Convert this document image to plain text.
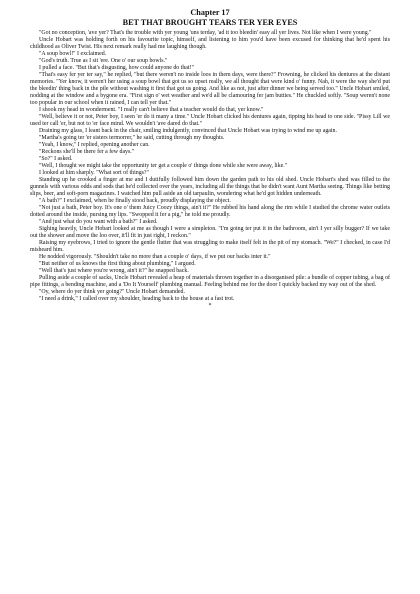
Chapter 17
BET THAT BROUGHT TEARS TER YER EYES

"Got no conception, 'ave yer? That's the trouble with yer young 'uns terday, 'ad it too bleedin' easy all yer lives. Not like when I were young."

Uncle Hobart was holding forth on his favourite topic, himself, and listening to him you'd have been excused for thinking that he'd spent his childhood as Oliver Twist. His next remark really had me laughing though.

"A soup bowl!" I exclaimed.

"God's truth. True as I sit 'ere. One o' our soup bowls."

I pulled a face. "But that's disgusting, how could anyone do that!"

"That's easy fer yer ter say," he replied, "but there weren't no inside loos in them days, were there?" Frowning, he clicked his dentures at the distant memories. "Yer know, it weren't her using a soup bowl that got us so upset really, we all thought that were kind o' funny. Nah, it were the way she'd put the bleedin' thing back in the pile without washing it first that got us going. And like as not, just after dinner we being served too." Uncle Hobart smiled, nodding at the window and a bygone era. "First sign o' wet weather and we'd all be clamouring fer jam butties." He chuckled softly. "Soup weren't none too popular in our school when it rained, I can tell yer that."

I shook my head in wonderment. "I really can't believe that a teacher would do that, yer know."

"Well, believe it or not, Peter boy, I seen 'er do it many a time." Uncle Hobart clicked his dentures again, tipping his head to one side. "Pissy Lill we used ter call 'er, but not to 'er face mind. We wouldn't 'ave dared do that."

Draining my glass, I leant back in the chair, smiling indulgently, convinced that Uncle Hobart was trying to wind me up again.

"Martha's going ter 'er sisters termorrer," he said, cutting through my thoughts.

"Yeah, I know," I replied, opening another can.

"Reckons she'll be there fer a few days."

"So?" I asked.

"Well, I thought we might take the opportunity ter get a couple o' things done while she were away, like."

I looked at him sharply. "What sort of things?"

Standing up he crooked a finger at me and I dutifully followed him down the garden path to his old shed. Uncle Hobart's shed was filled to the gunnels with various odds and sods that he'd collected over the years, including all the things that he didn't want Aunt Martha seeing. Things like betting slips, beer, and soft-porn magazines. I watched him pull aside an old tarpaulin, wondering what he'd got hidden underneath.

"A bath?" I exclaimed, when he finally stood back, proudly displaying the object.

"Not just a bath, Peter boy. It's one o' them Juicy Coozy things, ain't it?" He rubbed his hand along the rim while I studied the chrome water outlets dotted around the inside, pursing my lips. "Swopped it fer a pig," he told me proudly.

"And just what do you want with a bath?" I asked.

Sighing heavily, Uncle Hobart looked at me as though I were a simpleton. "I'm going ter put it in the bathroom, ain't I yer silly bugger? If we take out the shower and move the loo over, it'll fit in just right, I reckon."

Raising my eyebrows, I tried to ignore the gentle flutter that was struggling to make itself felt in the pit of my stomach. "We?" I checked, in case I'd misheard him.

He nodded vigorously. "Shouldn't take no more than a couple o' days, if we put our backs inter it."

"But neither of us knows the first thing about plumbing," I argued.

"Well that's just where you're wrong, ain't it?" he snapped back.

Pulling aside a couple of sacks, Uncle Hobart revealed a heap of materials thrown together in a disorganised pile: a bundle of copper tubing, a bag of pipe fittings, a bending machine, and a 'Do It Yourself' plumbing manual. Feeling behind me for the door I quickly backed my way out of the shed.

"Oy, where do yer think yer going?" Uncle Hobart demanded.

"I need a drink," I called over my shoulder, heading back to the house at a fast trot.

*
